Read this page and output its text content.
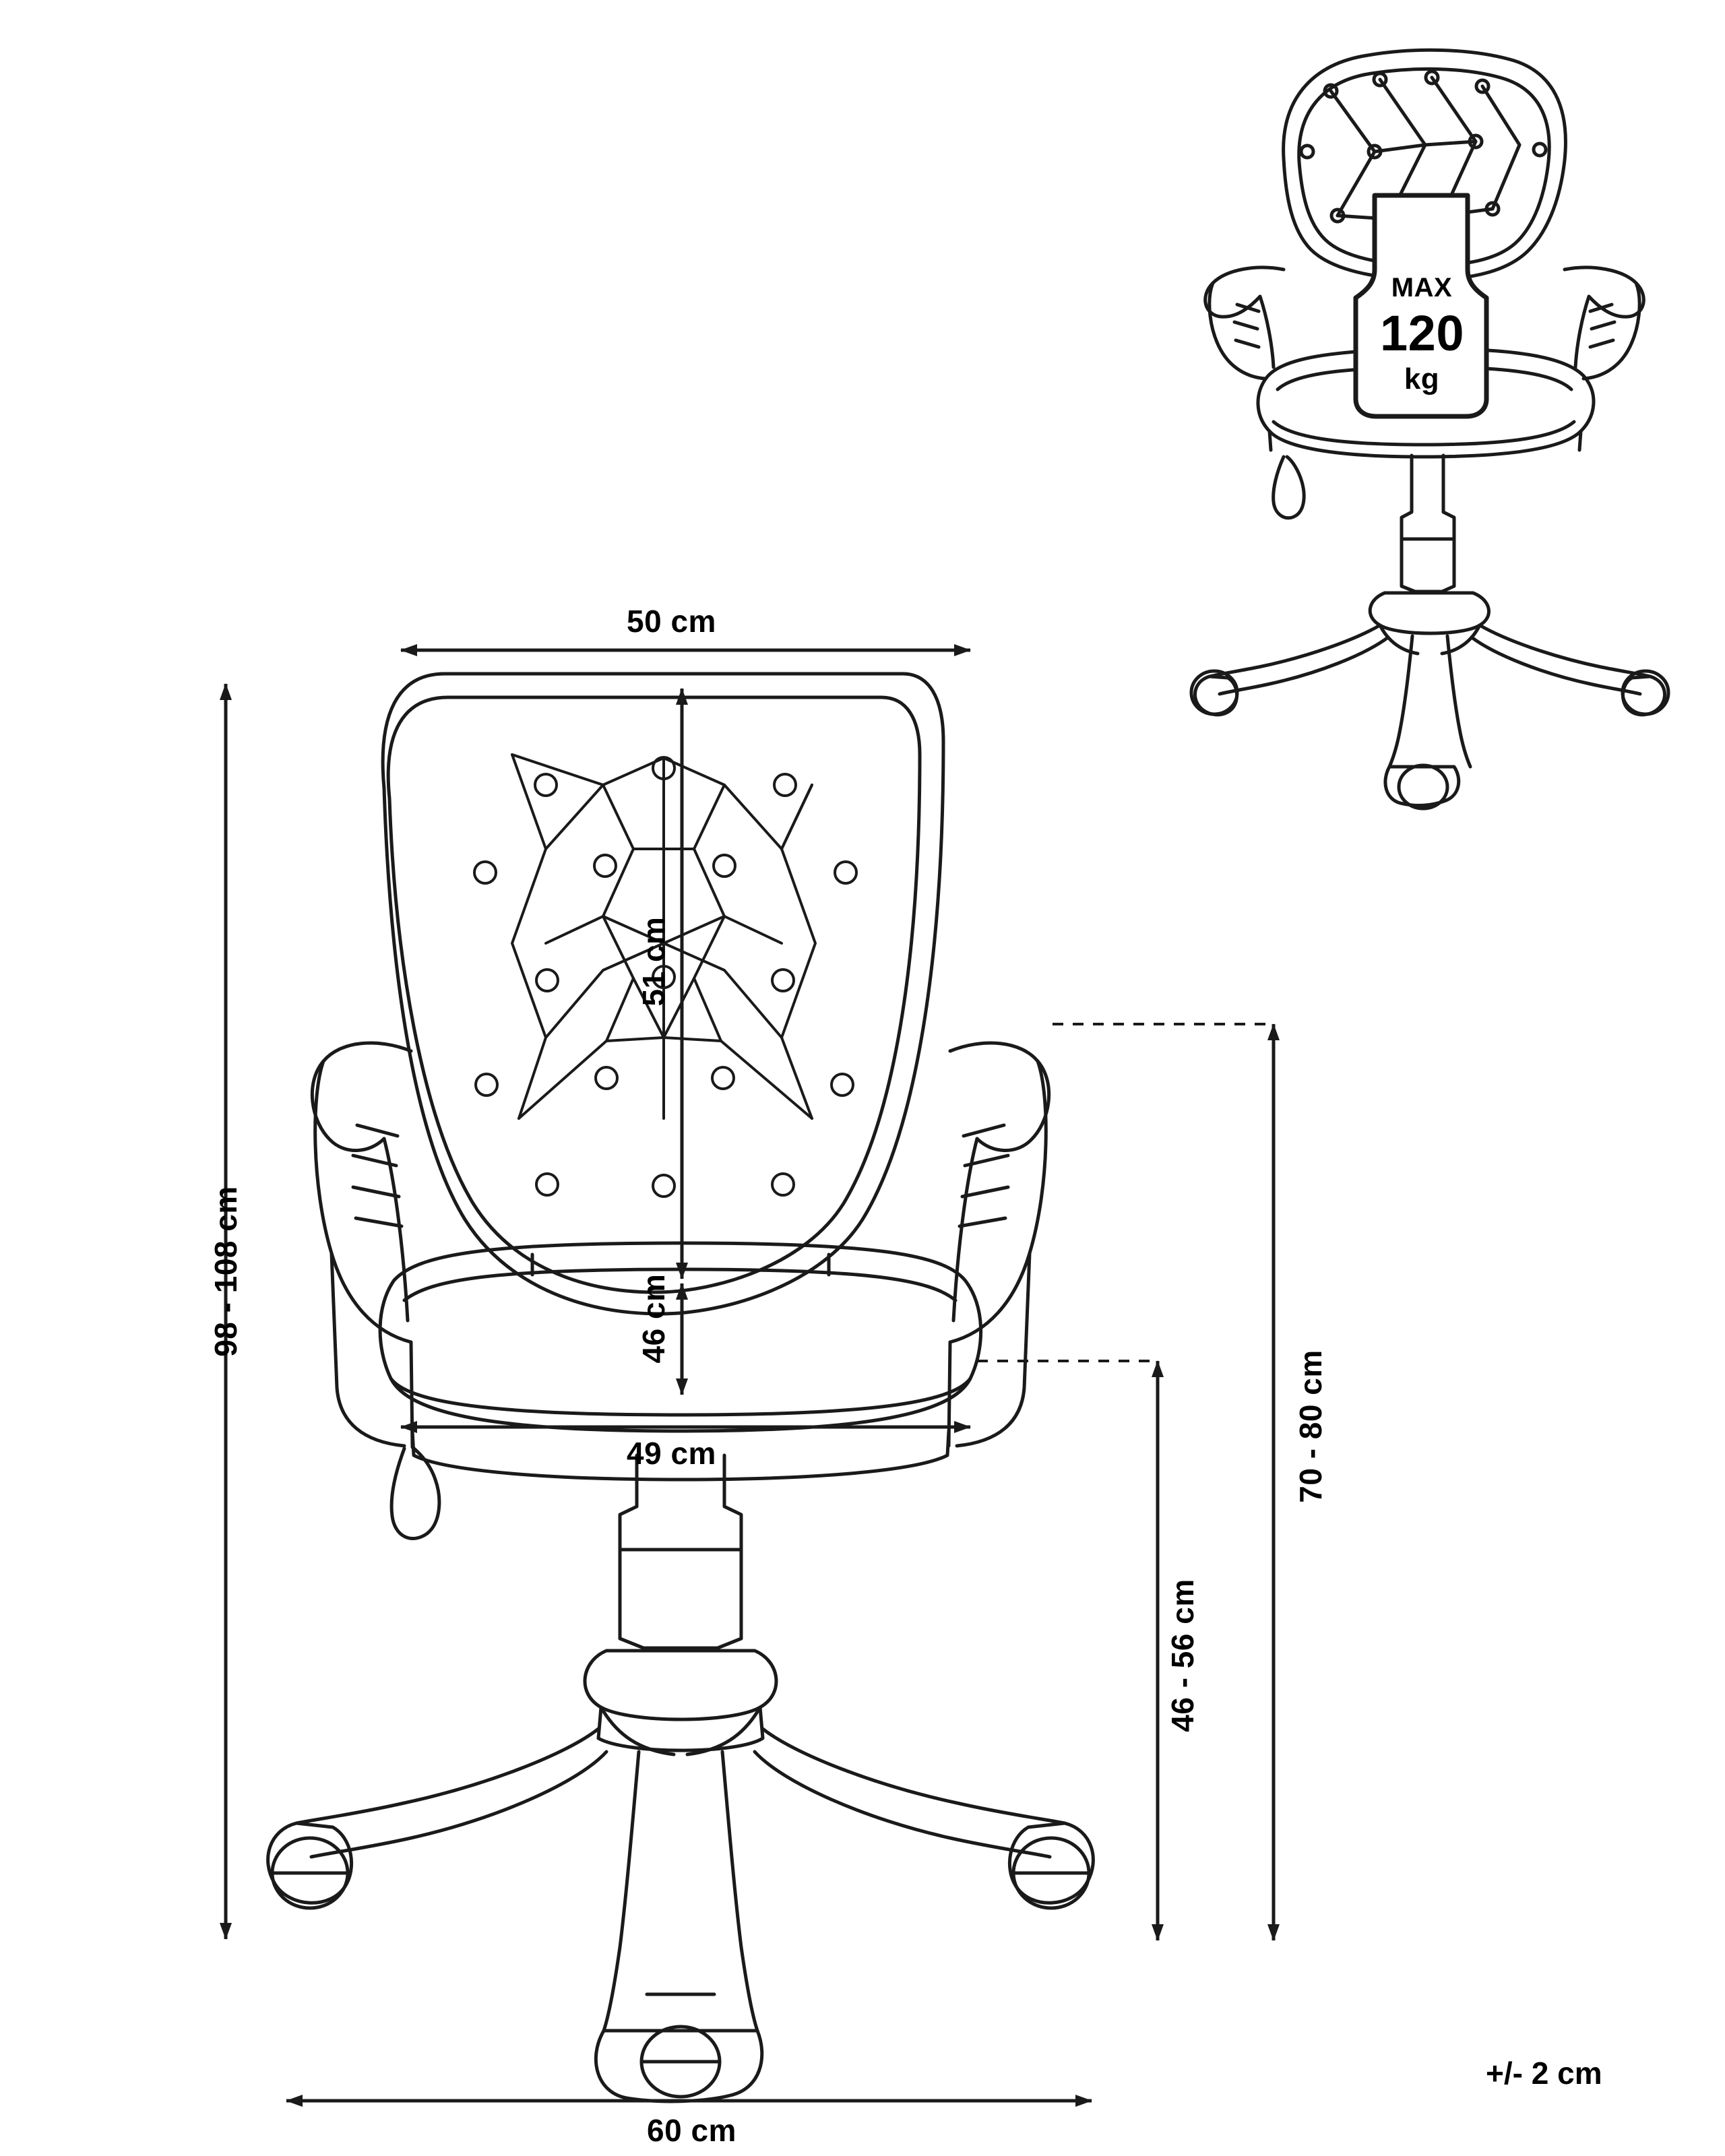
50 cm
49 cm
60 cm
51 cm
46 cm
98 - 108 cm
46 - 56 cm
70 - 80 cm
MAX
120
kg
+/- 2 cm
